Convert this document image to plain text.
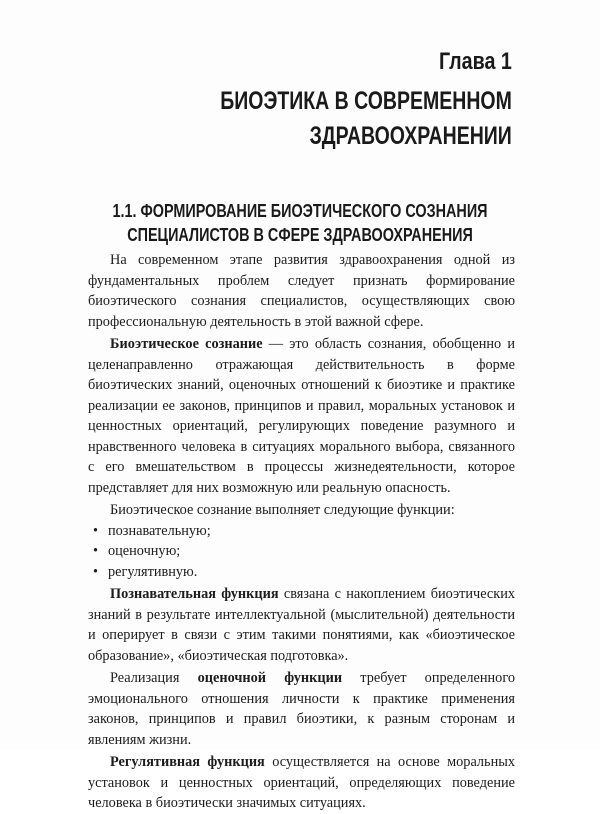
Глава 1
БИОЭТИКА В СОВРЕМЕННОМ
ЗДРАВООХРАНЕНИИ
1.1. ФОРМИРОВАНИЕ БИОЭТИЧЕСКОГО СОЗНАНИЯ
СПЕЦИАЛИСТОВ В СФЕРЕ ЗДРАВООХРАНЕНИЯ

На современном этапе развития здравоохранения одной из фундаментальных проблем следует признать формирование биоэтического сознания специалистов, осуществляющих свою профессиональную деятельность в этой важной сфере.

Биоэтическое сознание — это область сознания, обобщенно и целенаправленно отражающая действительность в форме биоэтических знаний, оценочных отношений к биоэтике и практике реализации ее законов, принципов и правил, моральных установок и ценностных ориентаций, регулирующих поведение разумного и нравственного человека в ситуациях морального выбора, связанного с его вмешательством в процессы жизнедеятельности, которое представляет для них возможную или реальную опасность.

Биоэтическое сознание выполняет следующие функции:

• познавательную;
• оценочную;
• регулятивную.

Познавательная функция связана с накоплением биоэтических знаний в результате интеллектуальной (мыслительной) деятельности и оперирует в связи с этим такими понятиями, как «биоэтическое образование», «биоэтическая подготовка».

Реализация оценочной функции требует определенного эмоционального отношения личности к практике применения законов, принципов и правил биоэтики, к разным сторонам и явлениям жизни.

Регулятивная функция осуществляется на основе моральных установок и ценностных ориентаций, определяющих поведение человека в биоэтически значимых ситуациях.
